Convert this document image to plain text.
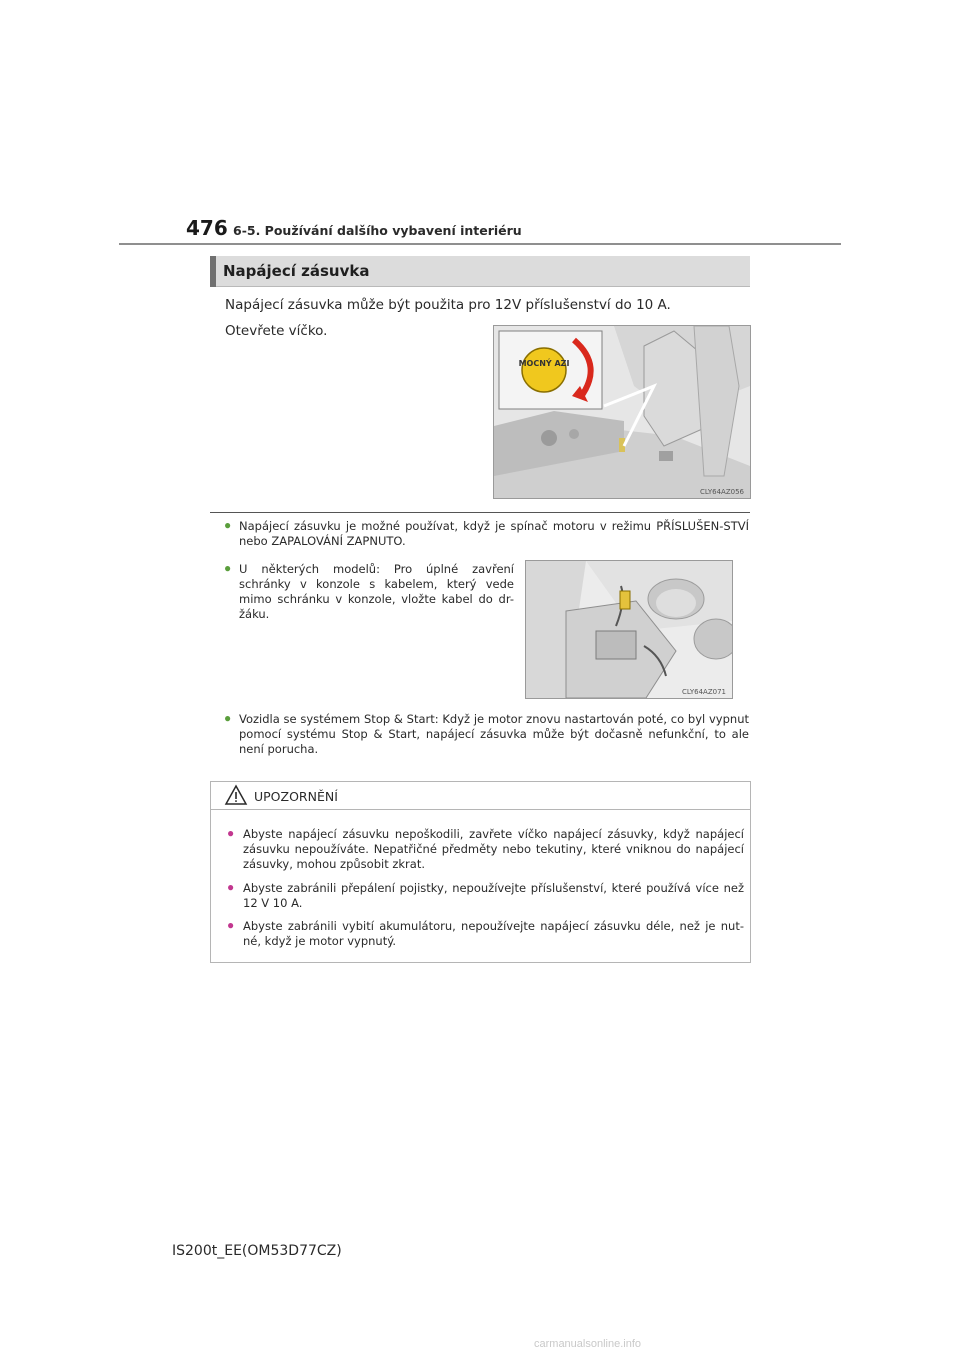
476 6-5. Používání dalšího vybavení interiéru
Napájecí zásuvka
Napájecí zásuvka může být použita pro 12V příslušenství do 10 A.
Otevřete víčko.
MOCNÝ AZI
CLY64AZ056
● Napájecí zásuvku je možné používat, když je spínač motoru v režimu PŘÍSLUŠEN-STVÍ nebo ZAPALOVÁNÍ ZAPNUTO.
● U některých modelů: Pro úplné zavření schránky v konzole s kabelem, který vede mimo schránku v konzole, vložte kabel do dr-žáku.
CLY64AZ071
● Vozidla se systémem Stop & Start: Když je motor znovu nastartován poté, co byl vypnut pomocí systému Stop & Start, napájecí zásuvka může být dočasně nefunkční, to ale není porucha.
UPOZORNĚNÍ
● Abyste napájecí zásuvku nepoškodili, zavřete víčko napájecí zásuvky, když napájecí zásuvku nepoužíváte. Nepatřičné předměty nebo tekutiny, které vniknou do napájecí zásuvky, mohou způsobit zkrat.
● Abyste zabránili přepálení pojistky, nepoužívejte příslušenství, které používá více než 12 V 10 A.
● Abyste zabránili vybití akumulátoru, nepoužívejte napájecí zásuvku déle, než je nut-né, když je motor vypnutý.
IS200t_EE(OM53D77CZ)
carmanualsonline.info
